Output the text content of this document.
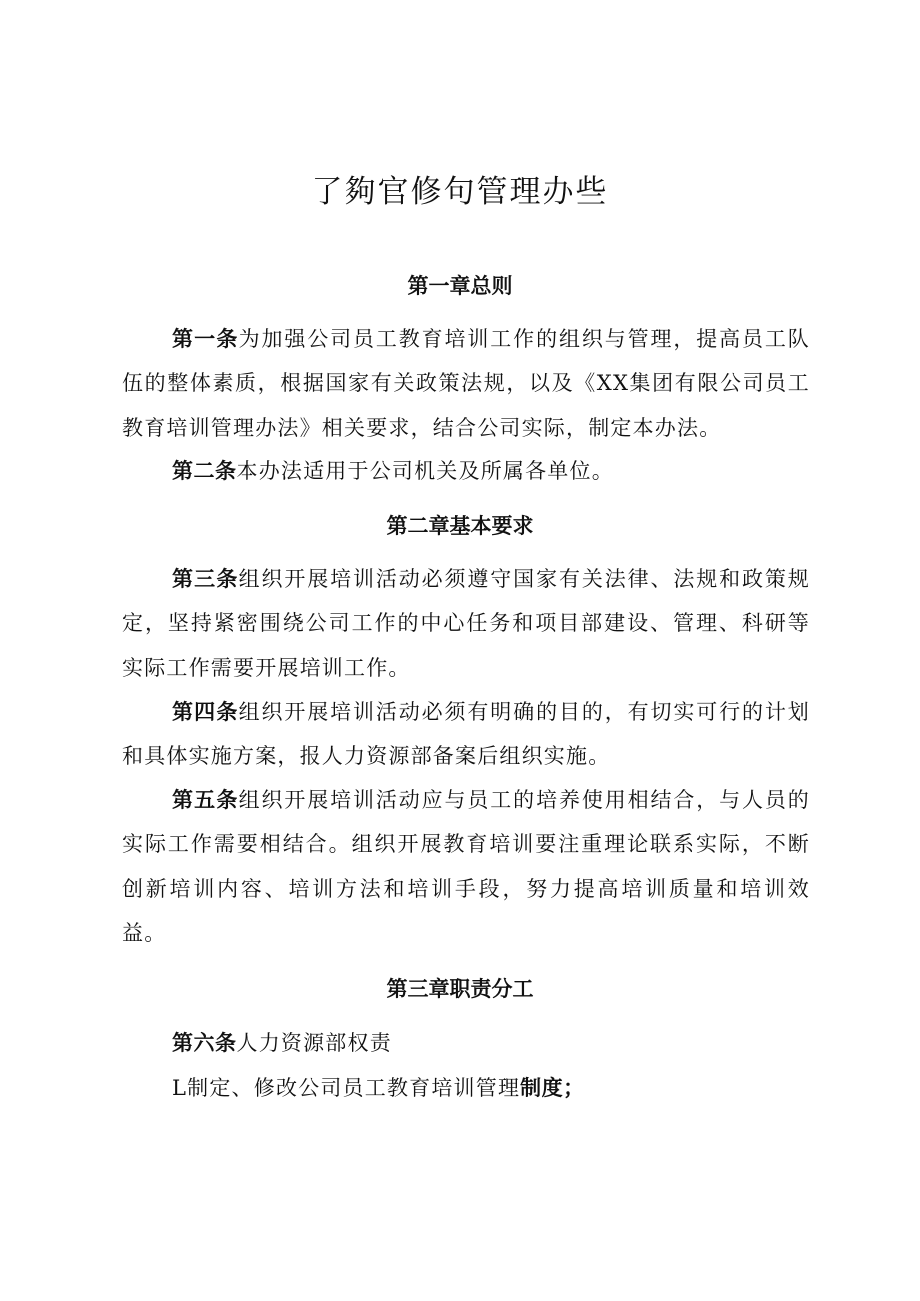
了夠官修句管理办些
第一章总则

第一条为加强公司员工教育培训工作的组织与管理，提高员工队伍的整体素质，根据国家有关政策法规，以及《XX集团有限公司员工教育培训管理办法》相关要求，结合公司实际，制定本办法。

第二条本办法适用于公司机关及所属各单位。

第二章基本要求

第三条组织开展培训活动必须遵守国家有关法律、法规和政策规定，坚持紧密围绕公司工作的中心任务和项目部建设、管理、科研等实际工作需要开展培训工作。

第四条组织开展培训活动必须有明确的目的，有切实可行的计划和具体实施方案，报人力资源部备案后组织实施。

第五条组织开展培训活动应与员工的培养使用相结合，与人员的实际工作需要相结合。组织开展教育培训要注重理论联系实际，不断创新培训内容、培训方法和培训手段，努力提高培训质量和培训效益。

第三章职责分工

第六条人力资源部权责

L制定、修改公司员工教育培训管理制度；
